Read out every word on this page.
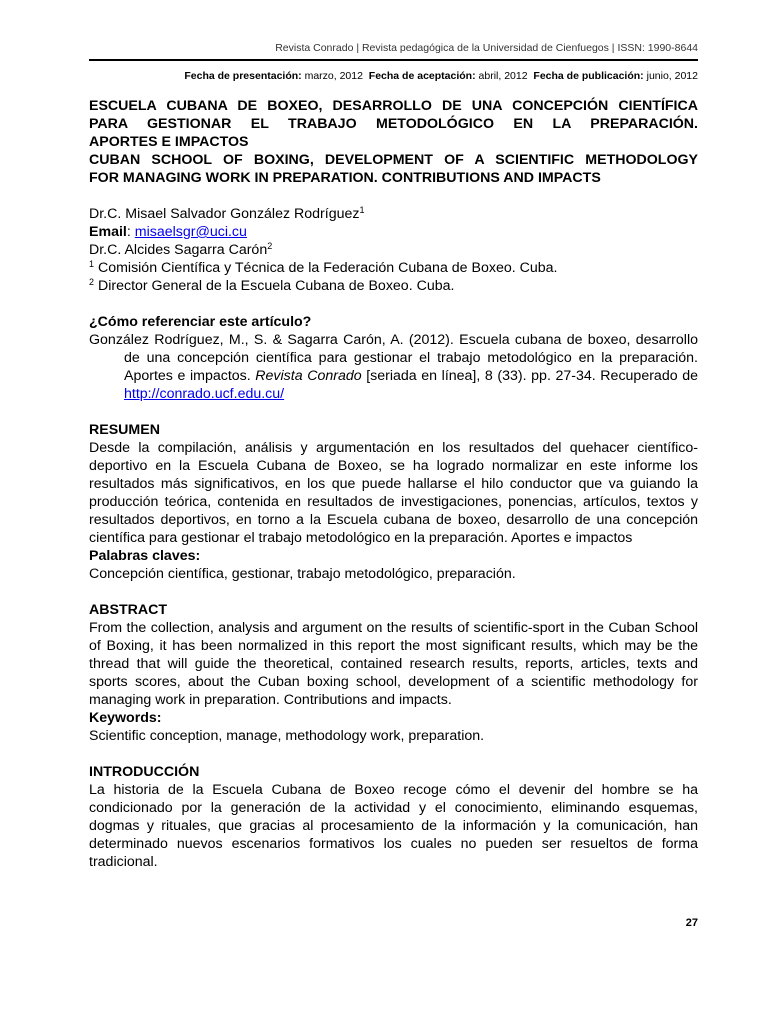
Revista Conrado | Revista pedagógica de la Universidad de Cienfuegos | ISSN: 1990-8644
Fecha de presentación: marzo, 2012 Fecha de aceptación: abril, 2012 Fecha de publicación: junio, 2012

ESCUELA CUBANA DE BOXEO, DESARROLLO DE UNA CONCEPCIÓN CIENTÍFICA

PARA GESTIONAR EL TRABAJO METODOLÓGICO EN LA PREPARACIÓN.

APORTES E IMPACTOS

CUBAN SCHOOL OF BOXING, DEVELOPMENT OF A SCIENTIFIC METHODOLOGY

FOR MANAGING WORK IN PREPARATION. CONTRIBUTIONS AND IMPACTS

Dr.C. Misael Salvador González Rodríguez$^1$

Email: misaelsgr@uci.cu

Dr.C. Alcides Sagarra Carón$^2$

$^1$ Comisión Científica y Técnica de la Federación Cubana de Boxeo. Cuba.

$^2$ Director General de la Escuela Cubana de Boxeo. Cuba.

¿Cómo referenciar este artículo?

González Rodríguez, M., S. & Sagarra Carón, A. (2012). Escuela cubana de boxeo, desarrollo de una concepción científica para gestionar el trabajo metodológico en la preparación. Aportes e impactos. Revista Conrado [seriada en línea], 8 (33). pp. 27-34. Recuperado de http://conrado.ucf.edu.cu/

RESUMEN

Desde la compilación, análisis y argumentación en los resultados del quehacer científico-deportivo en la Escuela Cubana de Boxeo, se ha logrado normalizar en este informe los resultados más significativos, en los que puede hallarse el hilo conductor que va guiando la producción teórica, contenida en resultados de investigaciones, ponencias, artículos, textos y resultados deportivos, en torno a la Escuela cubana de boxeo, desarrollo de una concepción científica para gestionar el trabajo metodológico en la preparación. Aportes e impactos

Palabras claves:

Concepción científica, gestionar, trabajo metodológico, preparación.

ABSTRACT

From the collection, analysis and argument on the results of scientific-sport in the Cuban School of Boxing, it has been normalized in this report the most significant results, which may be the thread that will guide the theoretical, contained research results, reports, articles, texts and sports scores, about the Cuban boxing school, development of a scientific methodology for managing work in preparation. Contributions and impacts.

Keywords:

Scientific conception, manage, methodology work, preparation.

INTRODUCCIÓN

La historia de la Escuela Cubana de Boxeo recoge cómo el devenir del hombre se ha condicionado por la generación de la actividad y el conocimiento, eliminando esquemas, dogmas y rituales, que gracias al procesamiento de la información y la comunicación, han determinado nuevos escenarios formativos los cuales no pueden ser resueltos de forma tradicional.

27
